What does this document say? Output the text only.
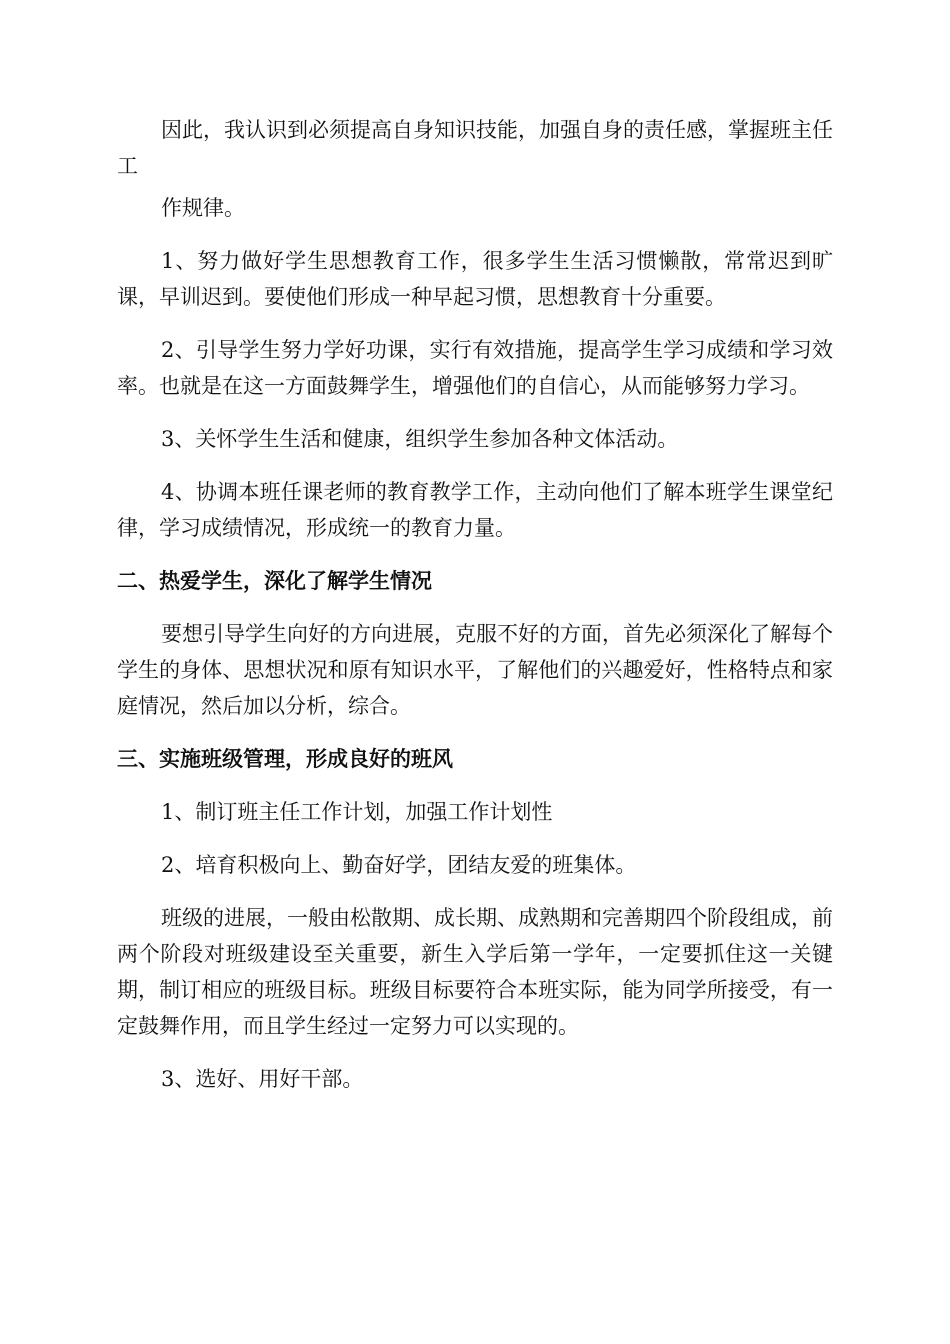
因此，我认识到必须提高自身知识技能，加强自身的责任感，掌握班主任工

作规律。

1、努力做好学生思想教育工作，很多学生生活习惯懒散，常常迟到旷课，早训迟到。要使他们形成一种早起习惯，思想教育十分重要。

2、引导学生努力学好功课，实行有效措施，提高学生学习成绩和学习效率。也就是在这一方面鼓舞学生，增强他们的自信心，从而能够努力学习。

3、关怀学生生活和健康，组织学生参加各种文体活动。

4、协调本班任课老师的教育教学工作，主动向他们了解本班学生课堂纪律，学习成绩情况，形成统一的教育力量。

二、热爱学生，深化了解学生情况

要想引导学生向好的方向进展，克服不好的方面，首先必须深化了解每个学生的身体、思想状况和原有知识水平，了解他们的兴趣爱好，性格特点和家庭情况，然后加以分析，综合。

三、实施班级管理，形成良好的班风

1、制订班主任工作计划，加强工作计划性

2、培育积极向上、勤奋好学，团结友爱的班集体。

班级的进展，一般由松散期、成长期、成熟期和完善期四个阶段组成，前两个阶段对班级建设至关重要，新生入学后第一学年，一定要抓住这一关键期，制订相应的班级目标。班级目标要符合本班实际，能为同学所接受，有一定鼓舞作用，而且学生经过一定努力可以实现的。

3、选好、用好干部。
